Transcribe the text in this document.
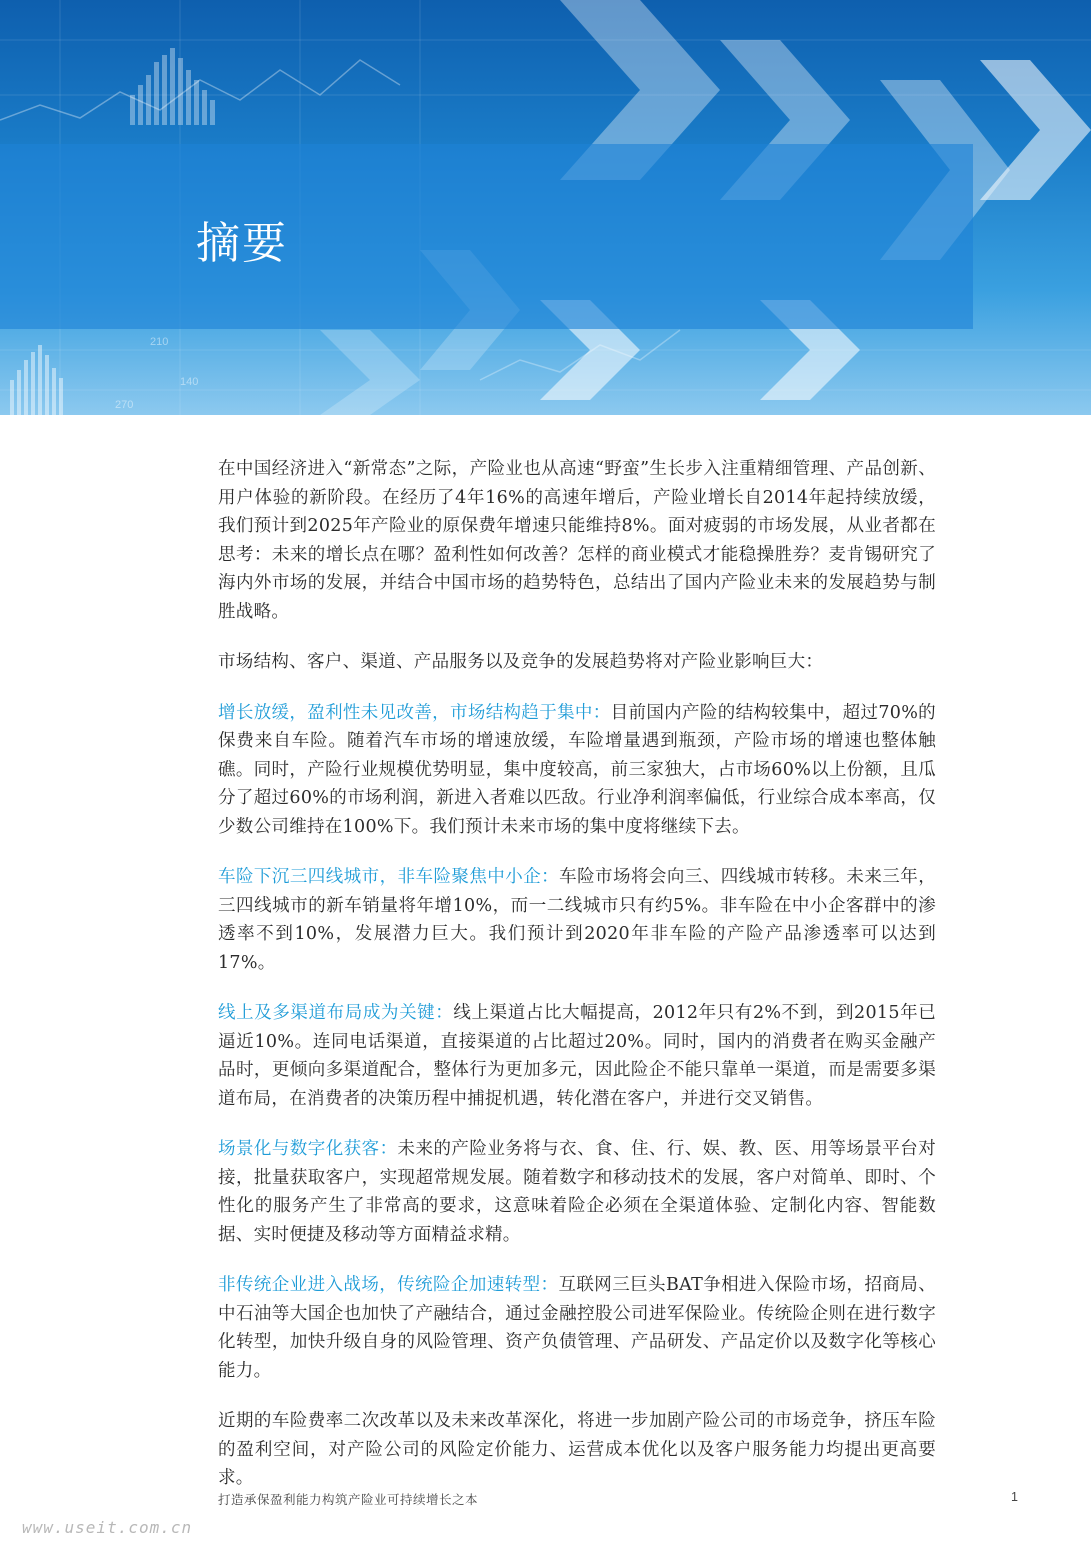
270
210
140
摘要

在中国经济进入“新常态”之际，产险业也从高速“野蛮”生长步入注重精细管理、产品创新、用户体验的新阶段。在经历了4年16%的高速年增后，产险业增长自2014年起持续放缓，我们预计到2025年产险业的原保费年增速只能维持8%。面对疲弱的市场发展，从业者都在思考：未来的增长点在哪？盈利性如何改善？怎样的商业模式才能稳操胜券？麦肯锡研究了海内外市场的发展，并结合中国市场的趋势特色，总结出了国内产险业未来的发展趋势与制胜战略。

市场结构、客户、渠道、产品服务以及竞争的发展趋势将对产险业影响巨大：

增长放缓，盈利性未见改善，市场结构趋于集中：目前国内产险的结构较集中，超过70%的保费来自车险。随着汽车市场的增速放缓，车险增量遇到瓶颈，产险市场的增速也整体触礁。同时，产险行业规模优势明显，集中度较高，前三家独大，占市场60%以上份额，且瓜分了超过60%的市场利润，新进入者难以匹敌。行业净利润率偏低，行业综合成本率高，仅少数公司维持在100%下。我们预计未来市场的集中度将继续下去。

车险下沉三四线城市，非车险聚焦中小企：车险市场将会向三、四线城市转移。未来三年，三四线城市的新车销量将年增10%，而一二线城市只有约5%。非车险在中小企客群中的渗透率不到10%，发展潜力巨大。我们预计到2020年非车险的产险产品渗透率可以达到17%。

线上及多渠道布局成为关键：线上渠道占比大幅提高，2012年只有2%不到，到2015年已逼近10%。连同电话渠道，直接渠道的占比超过20%。同时，国内的消费者在购买金融产品时，更倾向多渠道配合，整体行为更加多元，因此险企不能只靠单一渠道，而是需要多渠道布局，在消费者的决策历程中捕捉机遇，转化潜在客户，并进行交叉销售。

场景化与数字化获客：未来的产险业务将与衣、食、住、行、娱、教、医、用等场景平台对接，批量获取客户，实现超常规发展。随着数字和移动技术的发展，客户对简单、即时、个性化的服务产生了非常高的要求，这意味着险企必须在全渠道体验、定制化内容、智能数据、实时便捷及移动等方面精益求精。

非传统企业进入战场，传统险企加速转型：互联网三巨头BAT争相进入保险市场，招商局、中石油等大国企也加快了产融结合，通过金融控股公司进军保险业。传统险企则在进行数字化转型，加快升级自身的风险管理、资产负债管理、产品研发、产品定价以及数字化等核心能力。

近期的车险费率二次改革以及未来改革深化，将进一步加剧产险公司的市场竞争，挤压车险的盈利空间，对产险公司的风险定价能力、运营成本优化以及客户服务能力均提出更高要求。

打造承保盈利能力构筑产险业可持续增长之本	1
www.useit.com.cn
